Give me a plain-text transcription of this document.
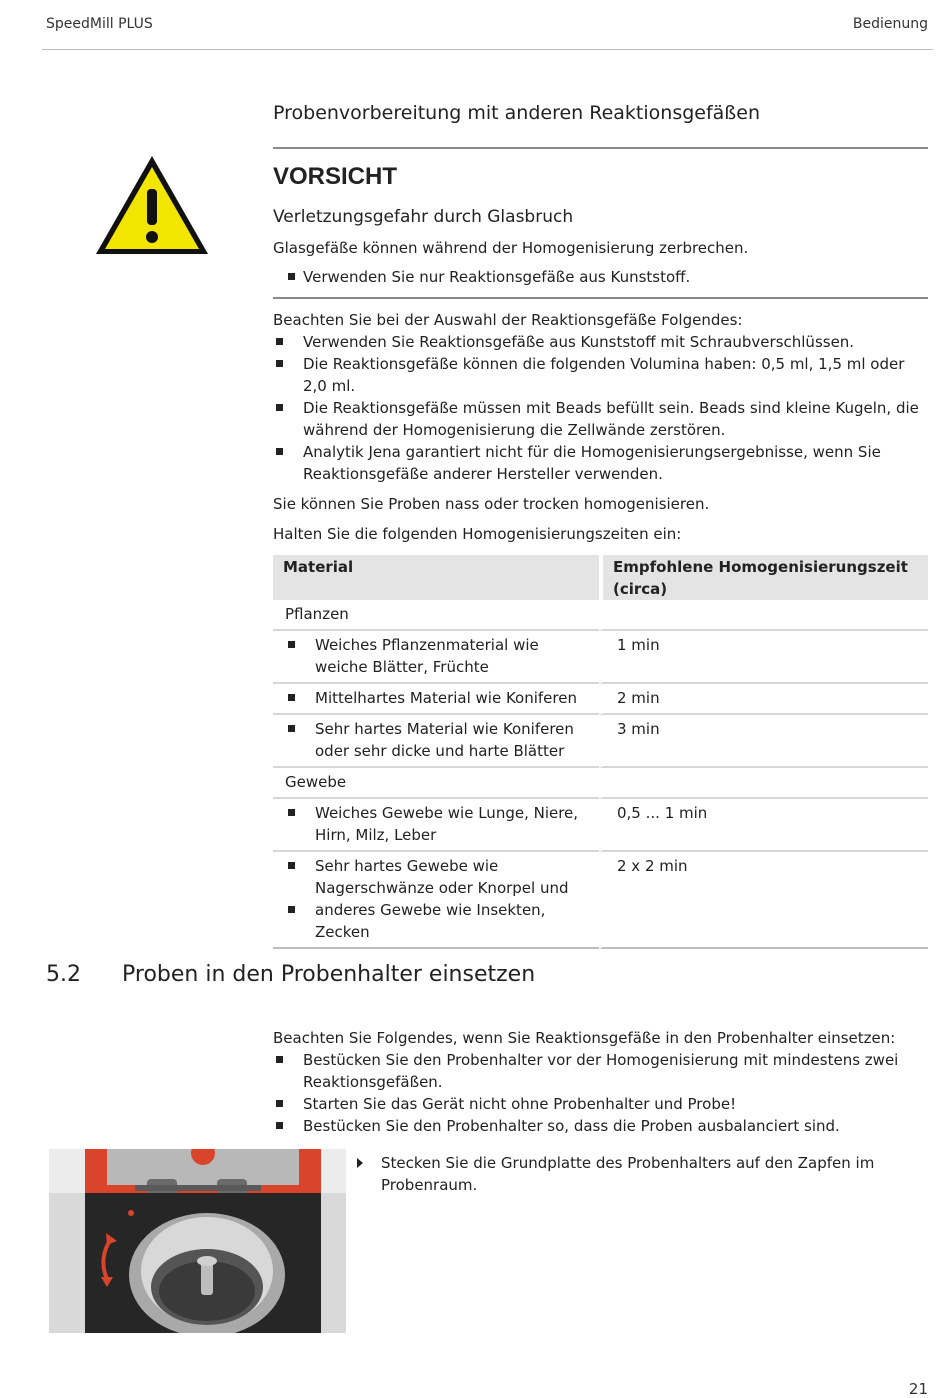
SpeedMill PLUS	Bedienung
Probenvorbereitung mit anderen Reaktionsgefäßen
VORSICHT
Verletzungsgefahr durch Glasbruch
Glasgefäße können während der Homogenisierung zerbrechen.
Verwenden Sie nur Reaktionsgefäße aus Kunststoff.
Beachten Sie bei der Auswahl der Reaktionsgefäße Folgendes:
Verwenden Sie Reaktionsgefäße aus Kunststoff mit Schraubverschlüssen.
Die Reaktionsgefäße können die folgenden Volumina haben: 0,5 ml, 1,5 ml oder 2,0 ml.
Die Reaktionsgefäße müssen mit Beads befüllt sein. Beads sind kleine Kugeln, die während der Homogenisierung die Zellwände zerstören.
Analytik Jena garantiert nicht für die Homogenisierungsergebnisse, wenn Sie Reaktionsgefäße anderer Hersteller verwenden.
Sie können Sie Proben nass oder trocken homogenisieren.
Halten Sie die folgenden Homogenisierungszeiten ein:
Material	Empfohlene Homogenisierungszeit (circa)
Pflanzen	

Weiches Pflanzenmaterial wie weiche Blätter, Früchte	1 min

Mittelhartes Material wie Koniferen	2 min

Sehr hartes Material wie Koniferen oder sehr dicke und harte Blätter	3 min
Gewebe	

Weiches Gewebe wie Lunge, Niere, Hirn, Milz, Leber	0,5 ... 1 min

Sehr hartes Gewebe wie Nagerschwänze oder Knorpel und
anderes Gewebe wie Insekten, Zecken	2 x 2 min
5.2 Proben in den Probenhalter einsetzen
Beachten Sie Folgendes, wenn Sie Reaktionsgefäße in den Probenhalter einsetzen:
Bestücken Sie den Probenhalter vor der Homogenisierung mit mindestens zwei Reaktionsgefäßen.
Starten Sie das Gerät nicht ohne Probenhalter und Probe!
Bestücken Sie den Probenhalter so, dass die Proben ausbalanciert sind.
Stecken Sie die Grundplatte des Probenhalters auf den Zapfen im Probenraum.
21
